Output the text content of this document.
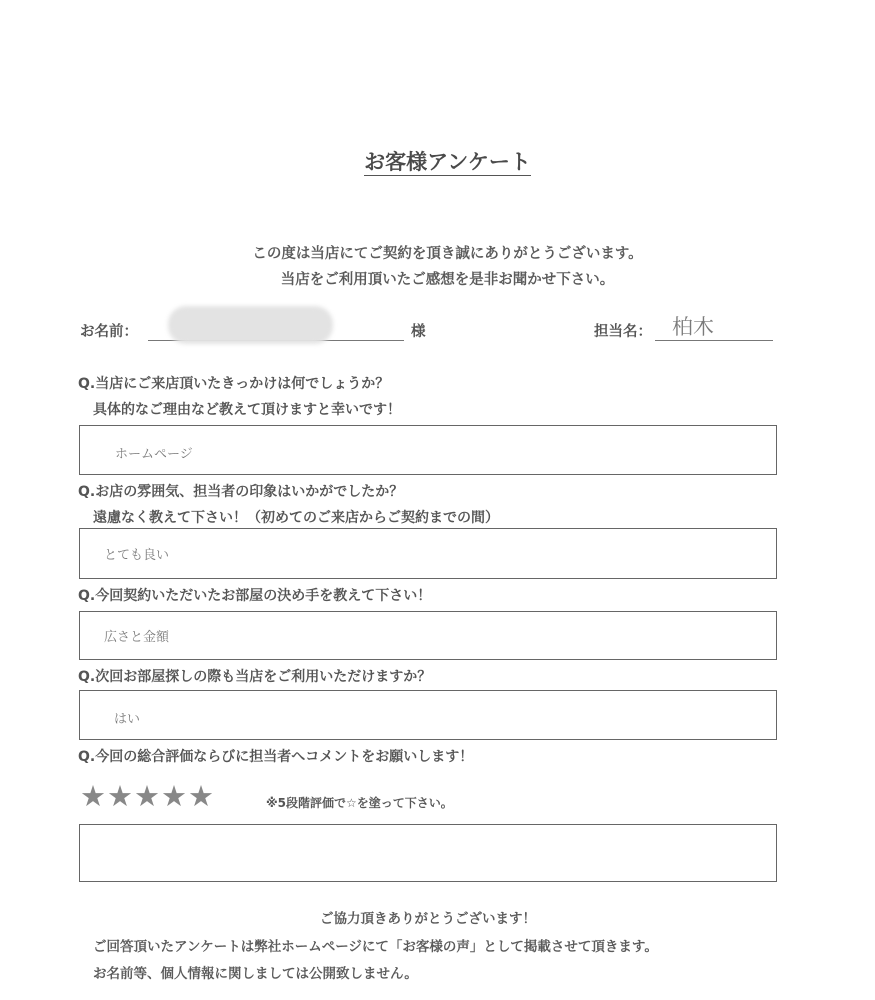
お客様アンケート
この度は当店にてご契約を頂き誠にありがとうございます。
当店をご利用頂いたご感想を是非お聞かせ下さい。
お名前：	様	担当名： 柏木
Q.当店にご来店頂いたきっかけは何でしょうか？
具体的なご理由など教えて頂けますと幸いです！
ホームページ
Q.お店の雰囲気、担当者の印象はいかがでしたか？
遠慮なく教えて下さい！（初めてのご来店からご契約までの間）
とても良い
Q.今回契約いただいたお部屋の決め手を教えて下さい！
広さと金額
Q.次回お部屋探しの際も当店をご利用いただけますか？
はい
Q.今回の総合評価ならびに担当者へコメントをお願いします！
★★★★★	※5段階評価で☆を塗って下さい。
ご協力頂きありがとうございます！
ご回答頂いたアンケートは弊社ホームページにて「お客様の声」として掲載させて頂きます。
お名前等、個人情報に関しましては公開致しません。
